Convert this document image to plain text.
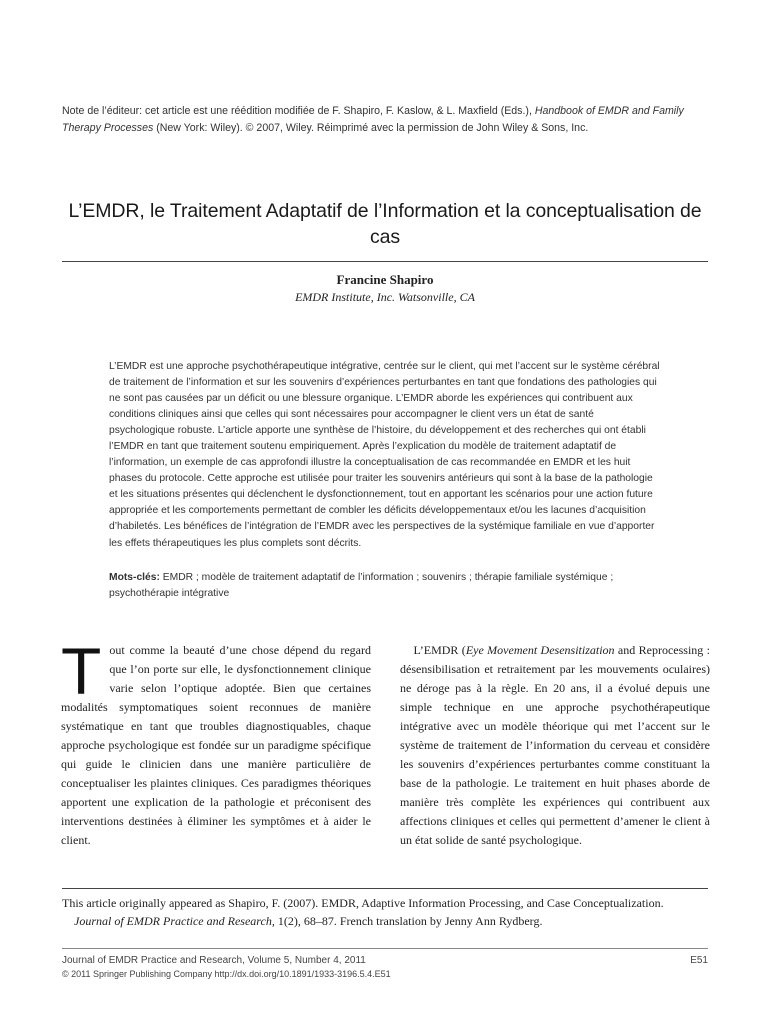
Note de l’éditeur: cet article est une réédition modifiée de F. Shapiro, F. Kaslow, & L. Maxfield (Eds.), Handbook of EMDR and Family Therapy Processes (New York: Wiley). © 2007, Wiley. Réimprimé avec la permission de John Wiley & Sons, Inc.

L’EMDR, le Traitement Adaptatif de l’Information et la conceptualisation de cas
Francine Shapiro
EMDR Institute, Inc. Watsonville, CA

L’EMDR est une approche psychothérapeutique intégrative, centrée sur le client, qui met l’accent sur le système cérébral de traitement de l’information et sur les souvenirs d’expériences perturbantes en tant que fondations des pathologies qui ne sont pas causées par un déficit ou une blessure organique. L’EMDR aborde les expériences qui contribuent aux conditions cliniques ainsi que celles qui sont nécessaires pour accompagner le client vers un état de santé psychologique robuste. L’article apporte une synthèse de l’histoire, du développement et des recherches qui ont établi l’EMDR en tant que traitement soutenu empiriquement. Après l’explication du modèle de traitement adaptatif de l’information, un exemple de cas approfondi illustre la conceptualisation de cas recommandée en EMDR et les huit phases du protocole. Cette approche est utilisée pour traiter les souvenirs antérieurs qui sont à la base de la pathologie et les situations présentes qui déclenchent le dysfonctionnement, tout en apportant les scénarios pour une action future appropriée et les comportements permettant de combler les déficits développementaux et/ou les lacunes d’acquisition d’habiletés. Les bénéfices de l’intégration de l’EMDR avec les perspectives de la systémique familiale en vue d’apporter les effets thérapeutiques les plus complets sont décrits.

Mots-clés: EMDR ; modèle de traitement adaptatif de l’information ; souvenirs ; thérapie familiale systémique ; psychothérapie intégrative

Tout comme la beauté d’une chose dépend du regard que l’on porte sur elle, le dysfonctionnement clinique varie selon l’optique adoptée. Bien que certaines modalités symptomatiques soient reconnues de manière systématique en tant que troubles diagnostiquables, chaque approche psychologique est fondée sur un paradigme spécifique qui guide le clinicien dans une manière particulière de conceptualiser les plaintes cliniques. Ces paradigmes théoriques apportent une explication de la pathologie et préconisent des interventions destinées à éliminer les symptômes et à aider le client.

L’EMDR (Eye Movement Desensitization and Reprocessing : désensibilisation et retraitement par les mouvements oculaires) ne déroge pas à la règle. En 20 ans, il a évolué depuis une simple technique en une approche psychothérapeutique intégrative avec un modèle théorique qui met l’accent sur le système de traitement de l’information du cerveau et considère les souvenirs d’expériences perturbantes comme constituant la base de la pathologie. Le traitement en huit phases aborde de manière très complète les expériences qui contribuent aux affections cliniques et celles qui permettent d’amener le client à un état solide de santé psychologique.

This article originally appeared as Shapiro, F. (2007). EMDR, Adaptive Information Processing, and Case Conceptualization.
Journal of EMDR Practice and Research, 1(2), 68–87. French translation by Jenny Ann Rydberg.

Journal of EMDR Practice and Research, Volume 5, Number 4, 2011	E51
© 2011 Springer Publishing Company http://dx.doi.org/10.1891/1933-3196.5.4.E51
